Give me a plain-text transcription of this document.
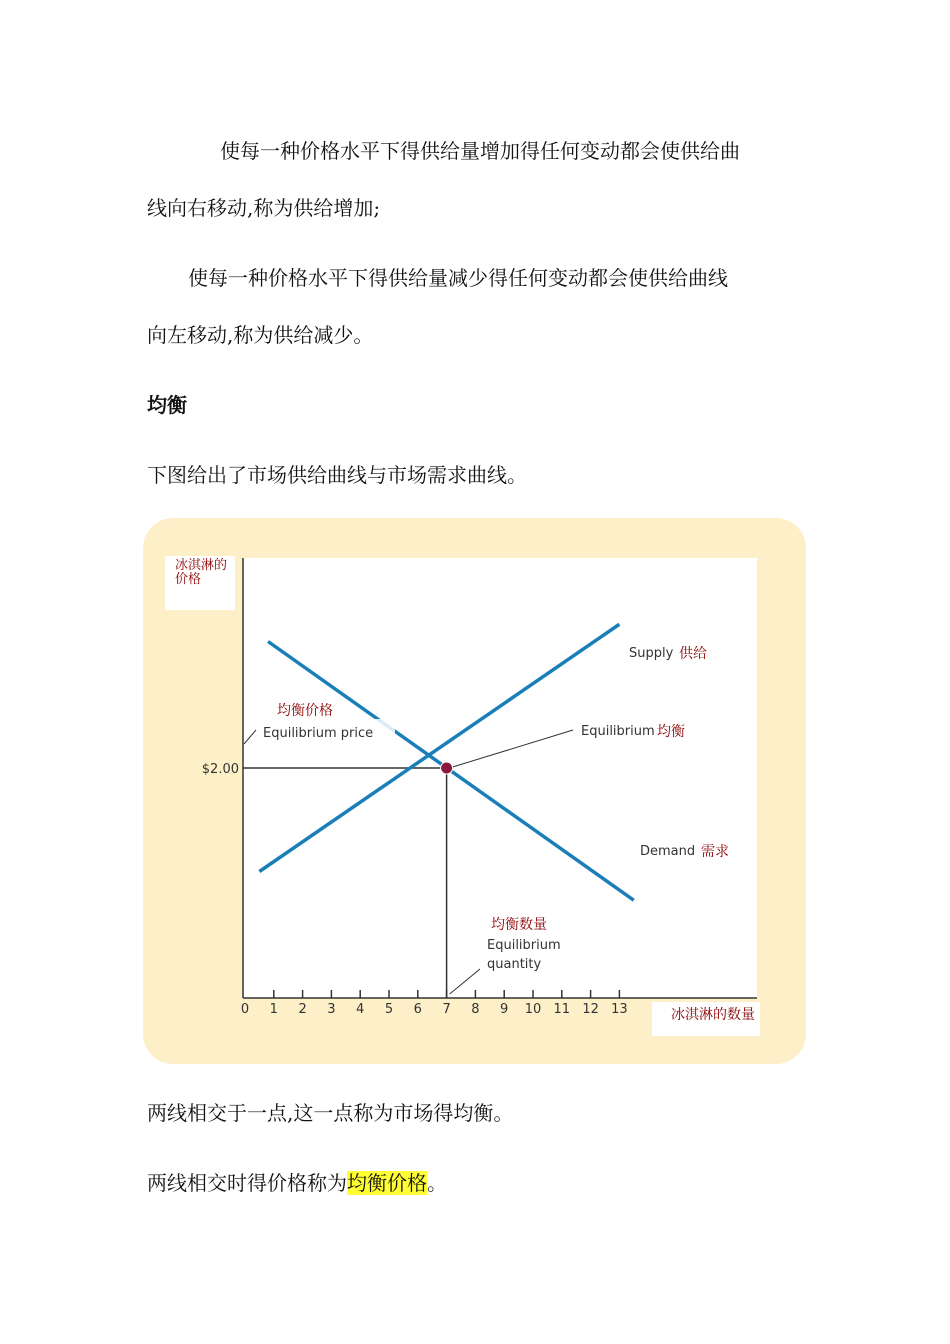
使每一种价格水平下得供给量增加得任何变动都会使供给曲

线向右移动,称为供给增加;

使每一种价格水平下得供给量减少得任何变动都会使供给曲线

向左移动,称为供给减少。

均衡

下图给出了市场供给曲线与市场需求曲线。

0 1 2 3 4 5 6 7 8 9 10 11 12 13
$2.00
冰淇淋的
价格
冰淇淋的数量
Supply 供给
Demand 需求
均衡价格
Equilibrium price	Equilibrium 均衡
均衡数量
Equilibrium
quantity

两线相交于一点,这一点称为市场得均衡。

两线相交时得价格称为均衡价格。
